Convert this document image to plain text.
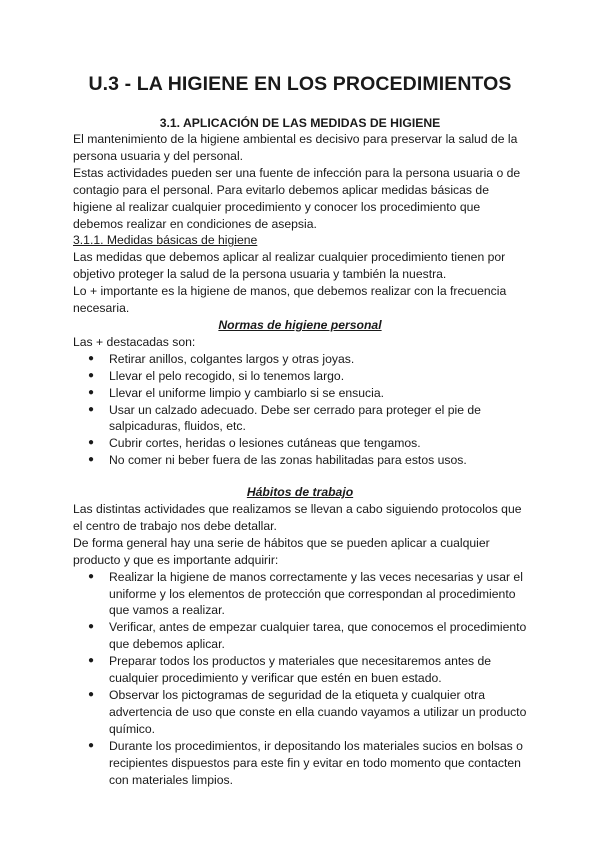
U.3 - LA HIGIENE EN LOS PROCEDIMIENTOS
3.1. APLICACIÓN DE LAS MEDIDAS DE HIGIENE

El mantenimiento de la higiene ambiental es decisivo para preservar la salud de la persona usuaria y del personal.

Estas actividades pueden ser una fuente de infección para la persona usuaria o de contagio para el personal. Para evitarlo debemos aplicar medidas básicas de higiene al realizar cualquier procedimiento y conocer los procedimiento que debemos realizar en condiciones de asepsia.

3.1.1. Medidas básicas de higiene

Las medidas que debemos aplicar al realizar cualquier procedimiento tienen por objetivo proteger la salud de la persona usuaria y también la nuestra.

Lo + importante es la higiene de manos, que debemos realizar con la frecuencia necesaria.

Normas de higiene personal

Las + destacadas son:

● Retirar anillos, colgantes largos y otras joyas.
● Llevar el pelo recogido, si lo tenemos largo.
● Llevar el uniforme limpio y cambiarlo si se ensucia.
● Usar un calzado adecuado. Debe ser cerrado para proteger el pie de salpicaduras, fluidos, etc.
● Cubrir cortes, heridas o lesiones cutáneas que tengamos.
● No comer ni beber fuera de las zonas habilitadas para estos usos.
Hábitos de trabajo

Las distintas actividades que realizamos se llevan a cabo siguiendo protocolos que el centro de trabajo nos debe detallar.

De forma general hay una serie de hábitos que se pueden aplicar a cualquier producto y que es importante adquirir:

● Realizar la higiene de manos correctamente y las veces necesarias y usar el uniforme y los elementos de protección que correspondan al procedimiento que vamos a realizar.
● Verificar, antes de empezar cualquier tarea, que conocemos el procedimiento que debemos aplicar.
● Preparar todos los productos y materiales que necesitaremos antes de cualquier procedimiento y verificar que estén en buen estado.
● Observar los pictogramas de seguridad de la etiqueta y cualquier otra advertencia de uso que conste en ella cuando vayamos a utilizar un producto químico.
● Durante los procedimientos, ir depositando los materiales sucios en bolsas o recipientes dispuestos para este fin y evitar en todo momento que contacten con materiales limpios.
